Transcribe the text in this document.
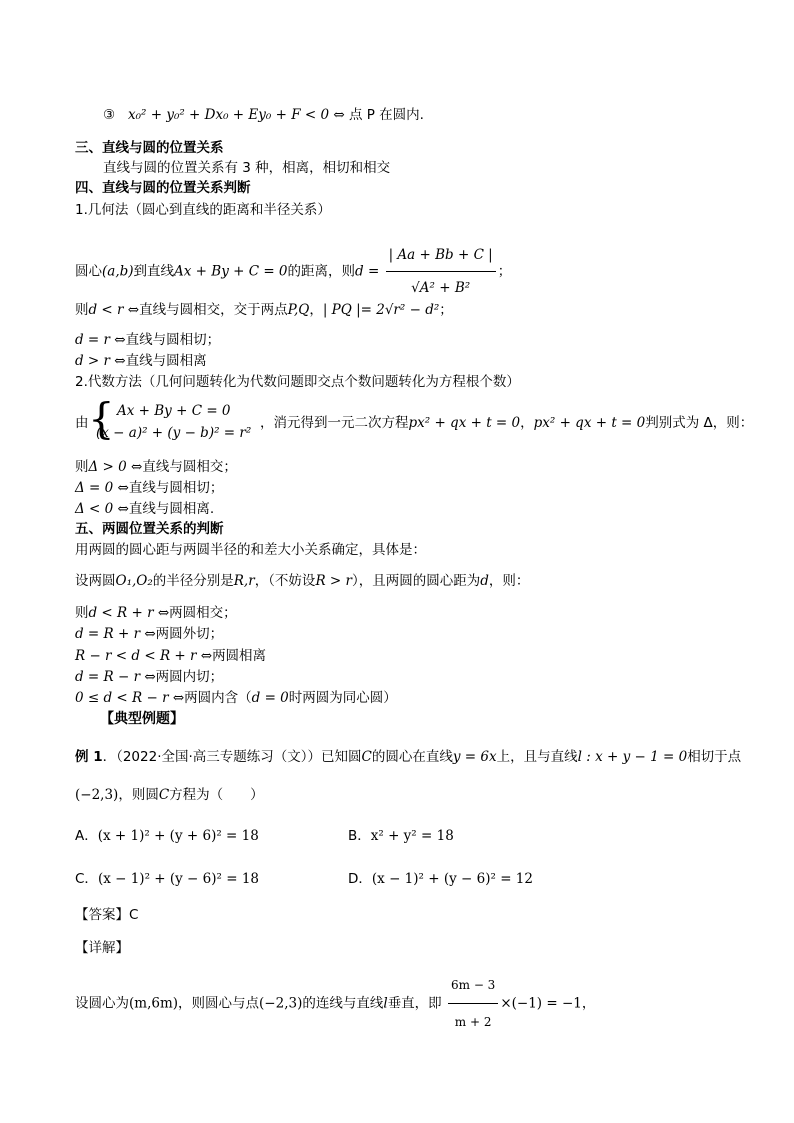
③ x₀² + y₀² + Dx₀ + Ey₀ + F < 0 ⇔ 点 P 在圆内.
三、直线与圆的位置关系
直线与圆的位置关系有 3 种，相离，相切和相交
四、直线与圆的位置关系判断
1.几何法（圆心到直线的距离和半径关系）
圆心(a,b)到直线Ax + By + C = 0的距离，则$d = \frac{| Aa + Bb + C |}{\text{√A² + B²}}$ ；
则d < r ⇔直线与圆相交，交于两点P,Q，| PQ |= 2√r² − d²；
d = r ⇔直线与圆相切；
d > r ⇔直线与圆相离
2.代数方法（几何问题转化为代数问题即交点个数问题转化为方程根个数）
由 { Ax + By + C = 0
(x − a)² + (y − b)² = r²
，消元得到一元二次方程px² + qx + t = 0，px² + qx + t = 0判别式为 Δ，则：
则Δ > 0 ⇔直线与圆相交；
Δ = 0 ⇔直线与圆相切；
Δ < 0 ⇔直线与圆相离.
五、两圆位置关系的判断
用两圆的圆心距与两圆半径的和差大小关系确定，具体是：
设两圆O₁,O₂的半径分别是R,r，（不妨设R > r），且两圆的圆心距为d，则：
则d < R + r ⇔两圆相交；
d = R + r ⇔两圆外切；
R − r < d < R + r ⇔两圆相离
d = R − r ⇔两圆内切；
0 ≤ d < R − r ⇔两圆内含（d = 0时两圆为同心圆）
【典型例题】
例 1．（2022·全国·高三专题练习（文））已知圆C的圆心在直线y = 6x上，且与直线l : x + y − 1 = 0相切于点
(−2,3)，则圆C方程为（　　）
A．(x + 1)² + (y + 6)² = 18	B．x² + y² = 18
C．(x − 1)² + (y − 6)² = 18	D．(x − 1)² + (y − 6)² = 12
【答案】C
【详解】
设圆心为(m,6m)，则圆心与点(−2,3)的连线与直线l垂直，即 $\frac{6m - 3}{m + 2} \times(-1) = -1$，
